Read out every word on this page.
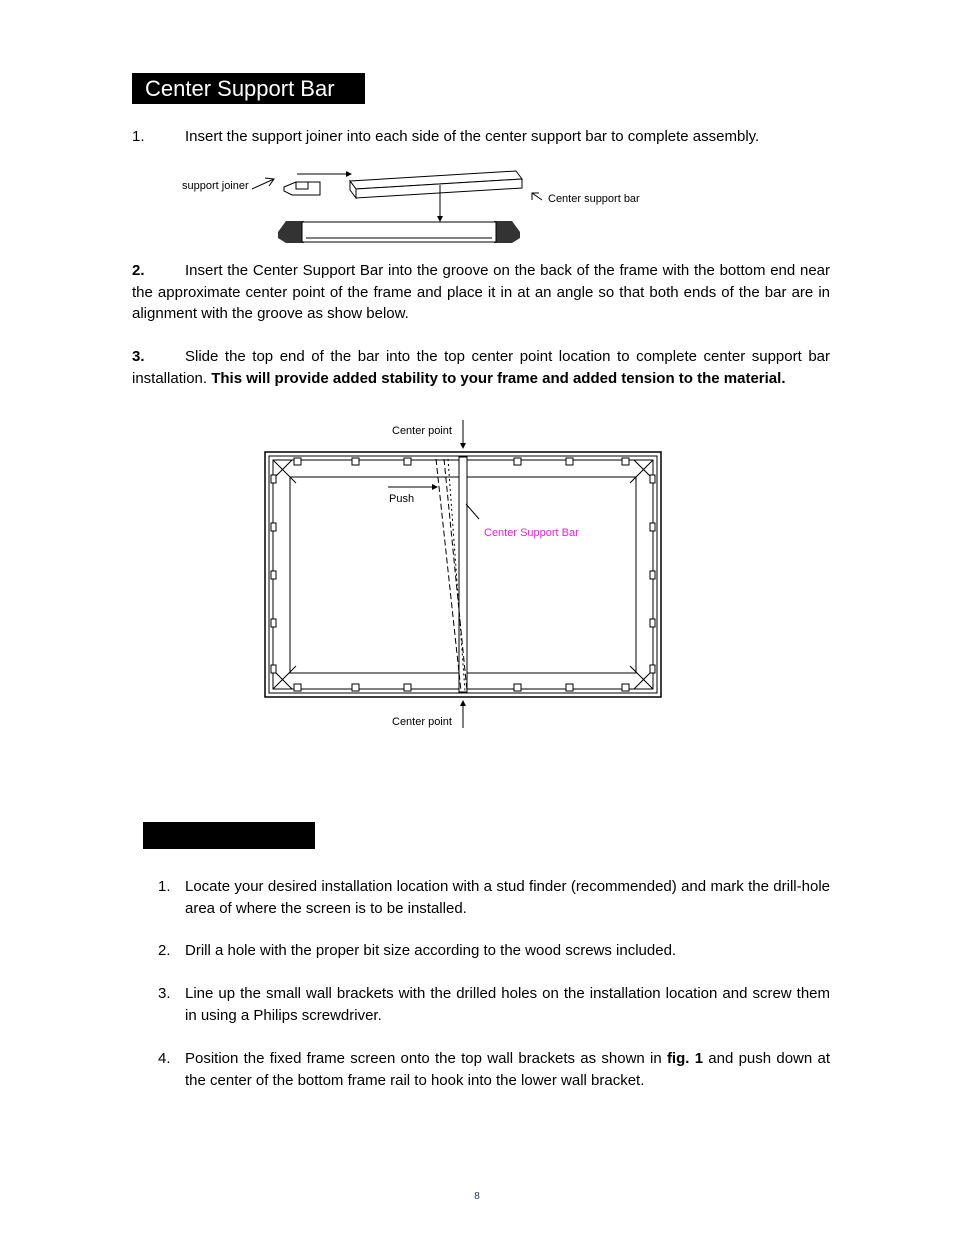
Center Support Bar
1.	Insert the support joiner into each side of the center support bar to complete assembly.
support joiner
Center support bar
2.	Insert the Center Support Bar into the groove on the back of the frame with the bottom end near the approximate center point of the frame and place it in at an angle so that both ends of the bar are in alignment with the groove as show below.
3.	Slide the top end of the bar into the top center point location to complete center support bar installation. This will provide added stability to your frame and added tension to the material.
Center point
Push
Center Support Bar
Center point
1. Locate your desired installation location with a stud finder (recommended) and mark the drill-hole area of where the screen is to be installed.
2. Drill a hole with the proper bit size according to the wood screws included.
3. Line up the small wall brackets with the drilled holes on the installation location and screw them in using a Philips screwdriver.
4. Position the fixed frame screen onto the top wall brackets as shown in fig. 1 and push down at the center of the bottom frame rail to hook into the lower wall bracket.
8
